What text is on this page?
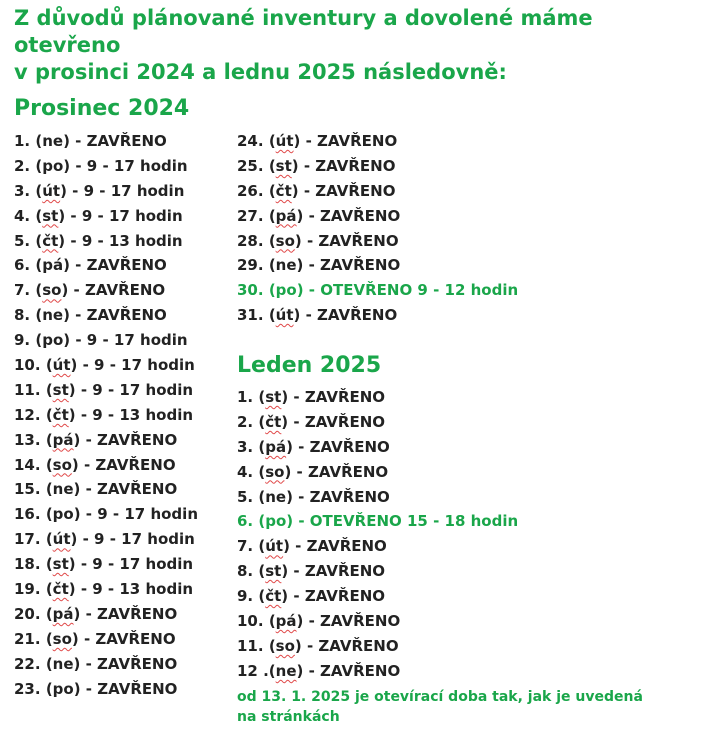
Z důvodů plánované inventury a dovolené máme otevřeno
v prosinci 2024 a lednu 2025 následovně:
Prosinec 2024
1. (ne) - ZAVŘENO
2. (po) - 9 - 17 hodin
3. (út) - 9 - 17 hodin
4. (st) - 9 - 17 hodin
5. (čt) - 9 - 13 hodin
6. (pá) - ZAVŘENO
7. (so) - ZAVŘENO
8. (ne) - ZAVŘENO
9. (po) - 9 - 17 hodin
10. (út) - 9 - 17 hodin
11. (st) - 9 - 17 hodin
12. (čt) - 9 - 13 hodin
13. (pá) - ZAVŘENO
14. (so) - ZAVŘENO
15. (ne) - ZAVŘENO
16. (po) - 9 - 17 hodin
17. (út) - 9 - 17 hodin
18. (st) - 9 - 17 hodin
19. (čt) - 9 - 13 hodin
20. (pá) - ZAVŘENO
21. (so) - ZAVŘENO
22. (ne) - ZAVŘENO
23. (po) - ZAVŘENO
24. (út) - ZAVŘENO
25. (st) - ZAVŘENO
26. (čt) - ZAVŘENO
27. (pá) - ZAVŘENO
28. (so) - ZAVŘENO
29. (ne) - ZAVŘENO
30. (po) - OTEVŘENO 9 - 12 hodin
31. (út) - ZAVŘENO
Leden 2025
1. (st) - ZAVŘENO
2. (čt) - ZAVŘENO
3. (pá) - ZAVŘENO
4. (so) - ZAVŘENO
5. (ne) - ZAVŘENO
6. (po) - OTEVŘENO 15 - 18 hodin
7. (út) - ZAVŘENO
8. (st) - ZAVŘENO
9. (čt) - ZAVŘENO
10. (pá) - ZAVŘENO
11. (so) - ZAVŘENO
12 .(ne) - ZAVŘENO

od 13. 1. 2025 je otevírací doba tak, jak je uvedená na stránkách
